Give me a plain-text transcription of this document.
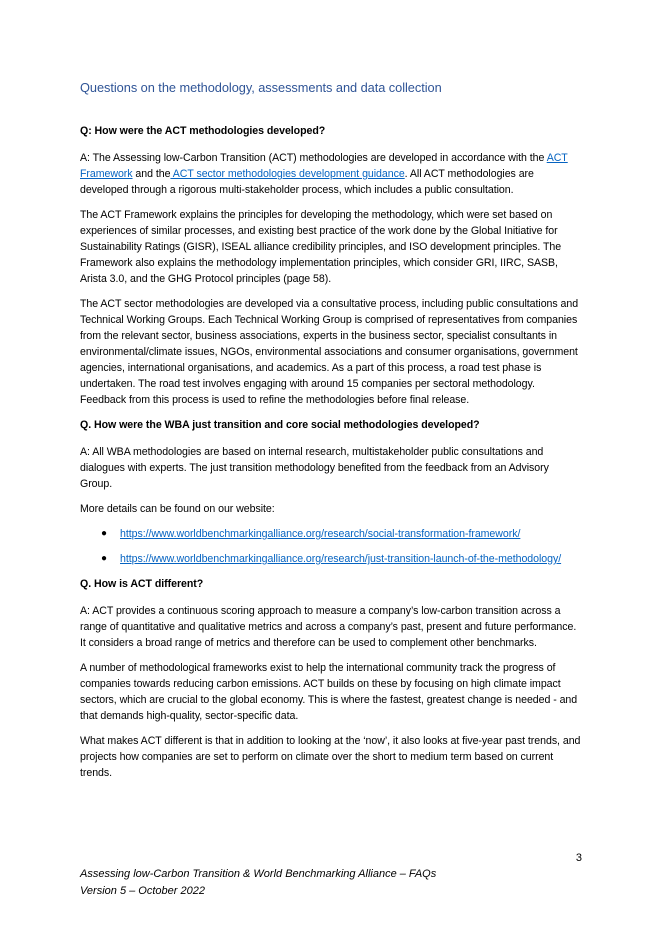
Questions on the methodology, assessments and data collection
Q: How were the ACT methodologies developed?

A: The Assessing low-Carbon Transition (ACT) methodologies are developed in accordance with the ACT Framework and the ACT sector methodologies development guidance. All ACT methodologies are developed through a rigorous multi-stakeholder process, which includes a public consultation.

The ACT Framework explains the principles for developing the methodology, which were set based on experiences of similar processes, and existing best practice of the work done by the Global Initiative for Sustainability Ratings (GISR), ISEAL alliance credibility principles, and ISO development principles. The Framework also explains the methodology implementation principles, which consider GRI, IIRC, SASB, Arista 3.0, and the GHG Protocol principles (page 58).

The ACT sector methodologies are developed via a consultative process, including public consultations and Technical Working Groups. Each Technical Working Group is comprised of representatives from companies from the relevant sector, business associations, experts in the business sector, specialist consultants in environmental/climate issues, NGOs, environmental associations and consumer organisations, government agencies, international organisations, and academics. As a part of this process, a road test phase is undertaken. The road test involves engaging with around 15 companies per sectoral methodology. Feedback from this process is used to refine the methodologies before final release.

Q. How were the WBA just transition and core social methodologies developed?

A: All WBA methodologies are based on internal research, multistakeholder public consultations and dialogues with experts. The just transition methodology benefited from the feedback from an Advisory Group.

More details can be found on our website:

● https://www.worldbenchmarkingalliance.org/research/social-transformation-framework/
● https://www.worldbenchmarkingalliance.org/research/just-transition-launch-of-the-methodology/
Q. How is ACT different?

A: ACT provides a continuous scoring approach to measure a company’s low-carbon transition across a range of quantitative and qualitative metrics and across a company’s past, present and future performance. It considers a broad range of metrics and therefore can be used to complement other benchmarks.

A number of methodological frameworks exist to help the international community track the progress of companies towards reducing carbon emissions. ACT builds on these by focusing on high climate impact sectors, which are crucial to the global economy. This is where the fastest, greatest change is needed - and that demands high-quality, sector-specific data.

What makes ACT different is that in addition to looking at the ‘now’, it also looks at five-year past trends, and projects how companies are set to perform on climate over the short to medium term based on current trends.

3
Assessing low-Carbon Transition & World Benchmarking Alliance – FAQs
Version 5 – October 2022
